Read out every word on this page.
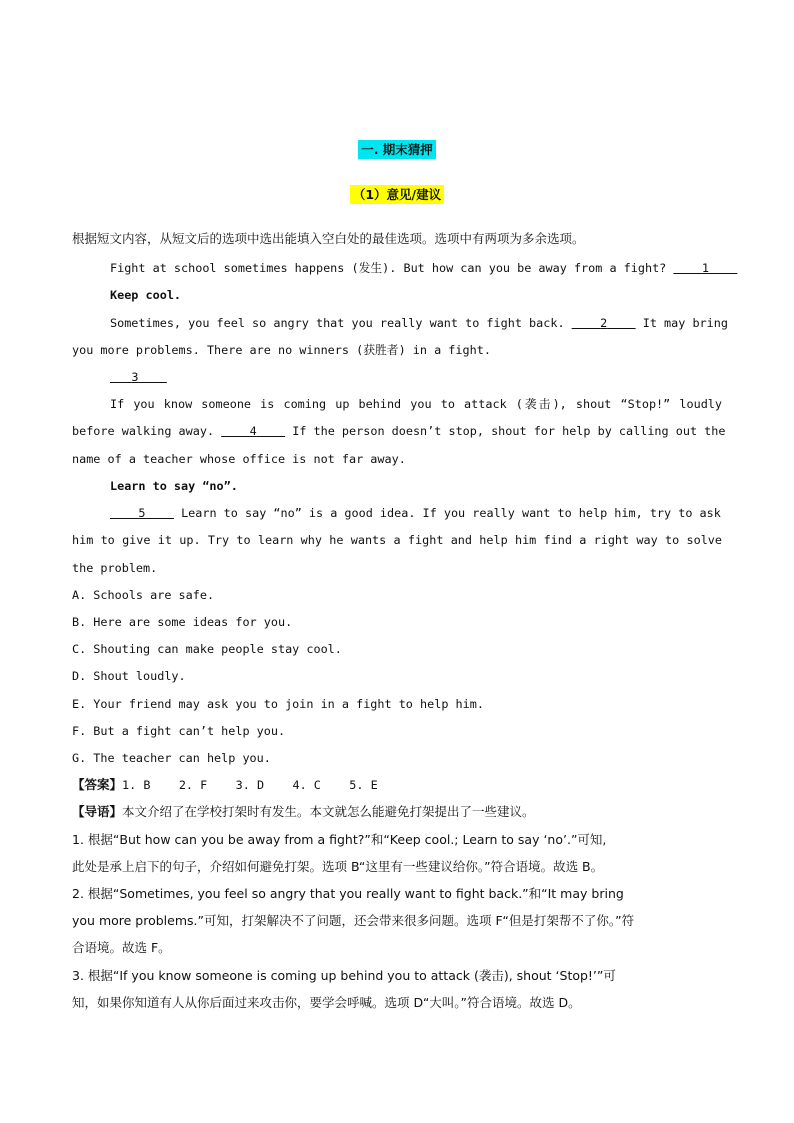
一. 期末猜押
（1）意见/建议
根据短文内容，从短文后的选项中选出能填入空白处的最佳选项。选项中有两项为多余选项。
Fight at school sometimes happens (发生). But how can you be away from a fight?	1
Keep cool.
Sometimes, you feel so angry that you really want to fight back.	2	It may bring
you more problems. There are no winners (获胜者) in a fight.
3
If you know someone is coming up behind you to attack (袭击), shout “Stop!” loudly
before walking away.	4	If the person doesn’t stop, shout for help by calling out the
name of a teacher whose office is not far away.
Learn to say “no”.
5	Learn to say “no” is a good idea. If you really want to help him, try to ask
him to give it up. Try to learn why he wants a fight and help him find a right way to solve
the problem.
A. Schools are safe.
B. Here are some ideas for you.
C. Shouting can make people stay cool.
D. Shout loudly.
E. Your friend may ask you to join in a fight to help him.
F. But a fight can’t help you.
G. The teacher can help you.
【答案】1. B    2. F    3. D    4. C    5. E
【导语】本文介绍了在学校打架时有发生。本文就怎么能避免打架提出了一些建议。
1. 根据“But how can you be away from a fight?”和“Keep cool.; Learn to say ‘no’.”可知,
此处是承上启下的句子，介绍如何避免打架。选项 B“这里有一些建议给你。”符合语境。故选 B。
2. 根据“Sometimes, you feel so angry that you really want to fight back.”和“It may bring
you more problems.”可知，打架解决不了问题，还会带来很多问题。选项 F“但是打架帮不了你。”符
合语境。故选 F。
3. 根据“If you know someone is coming up behind you to attack (袭击), shout ‘Stop!’”可
知，如果你知道有人从你后面过来攻击你，要学会呼喊。选项 D“大叫。”符合语境。故选 D。
